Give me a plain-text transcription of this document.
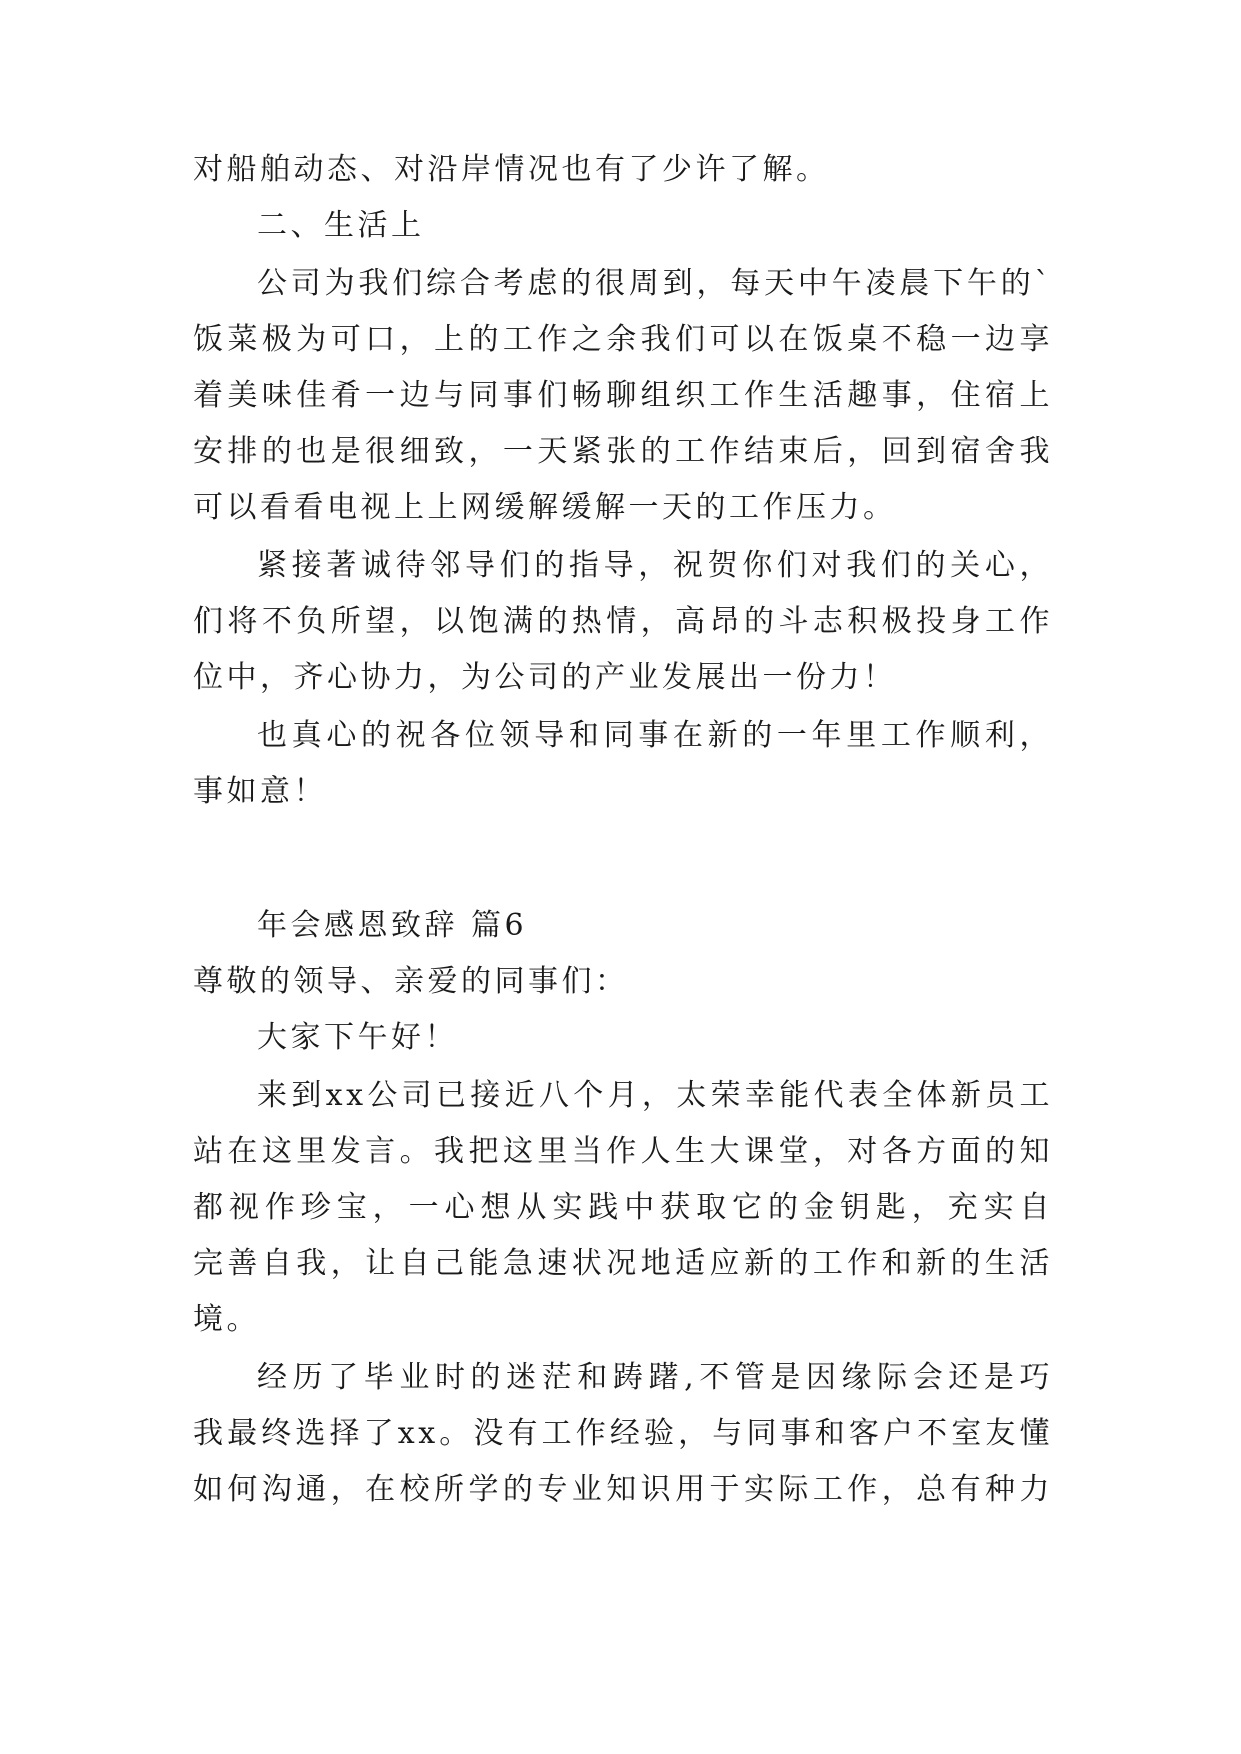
对船舶动态、对沿岸情况也有了少许了解。
二、生活上
公司为我们综合考虑的很周到，每天中午凌晨下午的`
饭菜极为可口，上的工作之余我们可以在饭桌不稳一边享
着美味佳肴一边与同事们畅聊组织工作生活趣事，住宿上
安排的也是很细致，一天紧张的工作结束后，回到宿舍我
可以看看电视上上网缓解缓解一天的工作压力。
紧接著诚待邻导们的指导，祝贺你们对我们的关心，
们将不负所望，以饱满的热情，高昂的斗志积极投身工作
位中，齐心协力，为公司的产业发展出一份力！
也真心的祝各位领导和同事在新的一年里工作顺利，
事如意！
年会感恩致辞 篇6
尊敬的领导、亲爱的同事们：
大家下午好！
来到xx公司已接近八个月，太荣幸能代表全体新员工
站在这里发言。我把这里当作人生大课堂，对各方面的知
都视作珍宝，一心想从实践中获取它的金钥匙，充实自
完善自我，让自己能急速状况地适应新的工作和新的生活
境。
经历了毕业时的迷茫和踌躇,不管是因缘际会还是巧
我最终选择了xx。没有工作经验，与同事和客户不室友懂
如何沟通，在校所学的专业知识用于实际工作，总有种力
